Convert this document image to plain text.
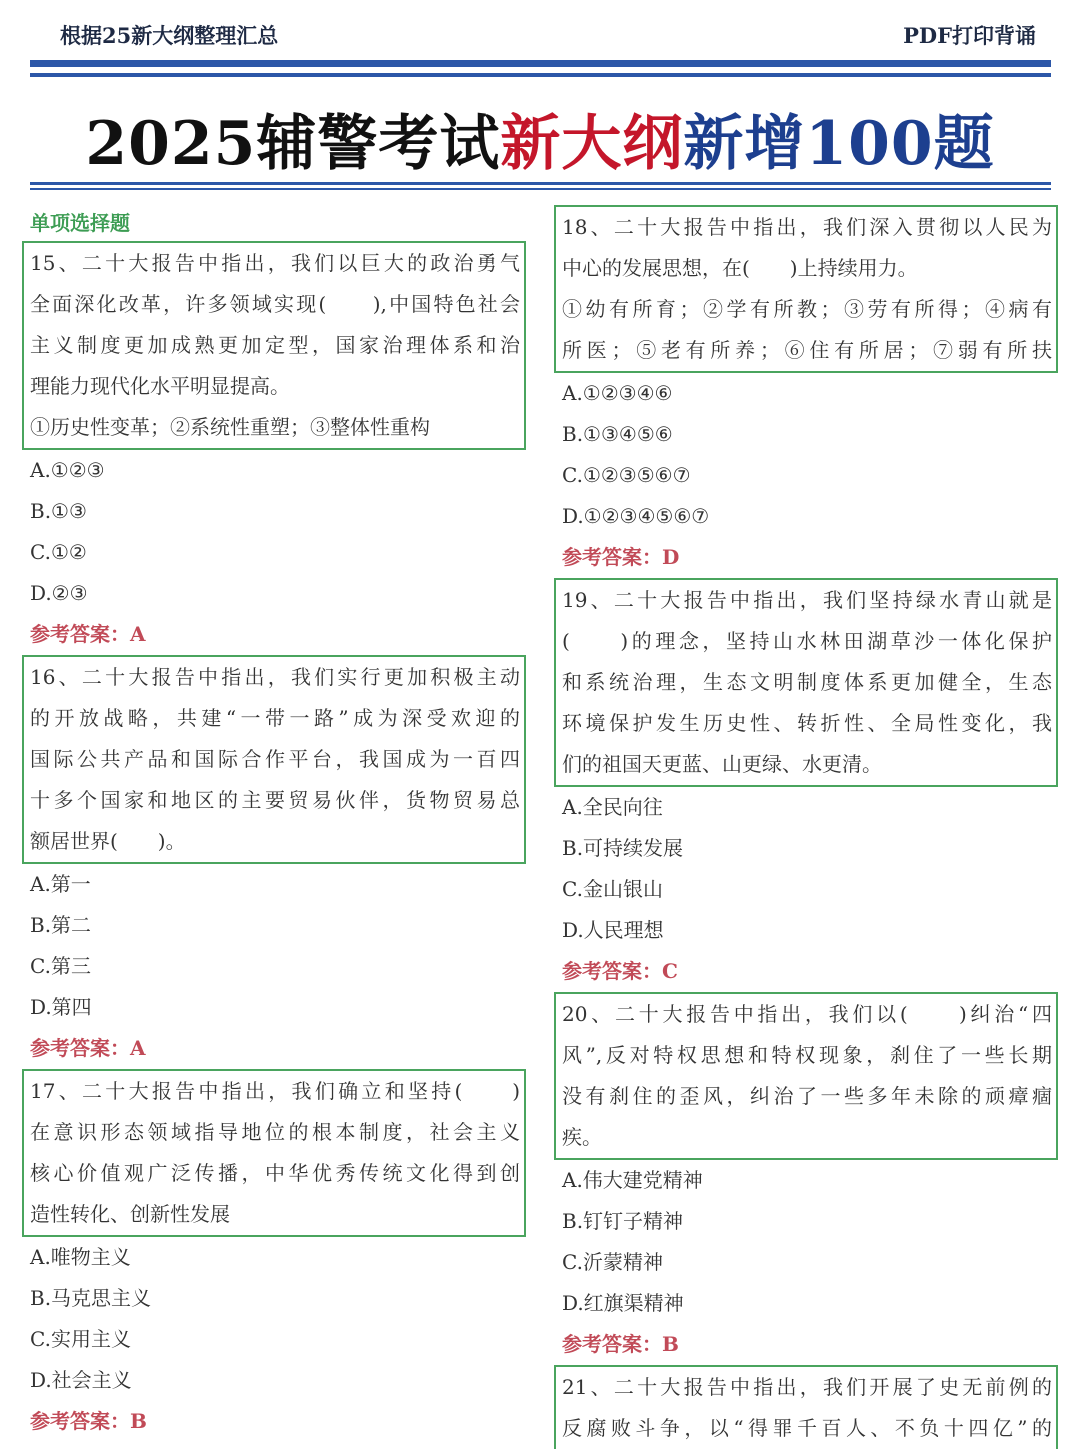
根据25新大纲整理汇总	PDF打印背诵
2025辅警考试新大纲新增100题
单项选择题
15、二十大报告中指出，我们以巨大的政治勇气
全面深化改革，许多领域实现(　　),中国特色社会
主义制度更加成熟更加定型，国家治理体系和治
理能力现代化水平明显提高。
①历史性变革；②系统性重塑；③整体性重构
A.①②③
B.①③
C.①②
D.②③
参考答案：A
16、二十大报告中指出，我们实行更加积极主动
的开放战略，共建“一带一路”成为深受欢迎的
国际公共产品和国际合作平台，我国成为一百四
十多个国家和地区的主要贸易伙伴，货物贸易总
额居世界(　　)。
A.第一
B.第二
C.第三
D.第四
参考答案：A
17、二十大报告中指出，我们确立和坚持(　　)
在意识形态领域指导地位的根本制度，社会主义
核心价值观广泛传播，中华优秀传统文化得到创
造性转化、创新性发展
A.唯物主义
B.马克思主义
C.实用主义
D.社会主义
参考答案：B
18、二十大报告中指出，我们深入贯彻以人民为
中心的发展思想，在(　　)上持续用力。
①幼有所育；②学有所教；③劳有所得；④病有
所医；⑤老有所养；⑥住有所居；⑦弱有所扶
A.①②③④⑥
B.①③④⑤⑥
C.①②③⑤⑥⑦
D.①②③④⑤⑥⑦
参考答案：D
19、二十大报告中指出，我们坚持绿水青山就是
(　　)的理念，坚持山水林田湖草沙一体化保护
和系统治理，生态文明制度体系更加健全，生态
环境保护发生历史性、转折性、全局性变化，我
们的祖国天更蓝、山更绿、水更清。
A.全民向往
B.可持续发展
C.金山银山
D.人民理想
参考答案：C
20、二十大报告中指出，我们以(　　)纠治“四
风”,反对特权思想和特权现象，刹住了一些长期
没有刹住的歪风，纠治了一些多年未除的顽瘴痼
疾。
A.伟大建党精神
B.钉钉子精神
C.沂蒙精神
D.红旗渠精神
参考答案：B
21、二十大报告中指出，我们开展了史无前例的
反腐败斗争，以“得罪千百人、不负十四亿”的
